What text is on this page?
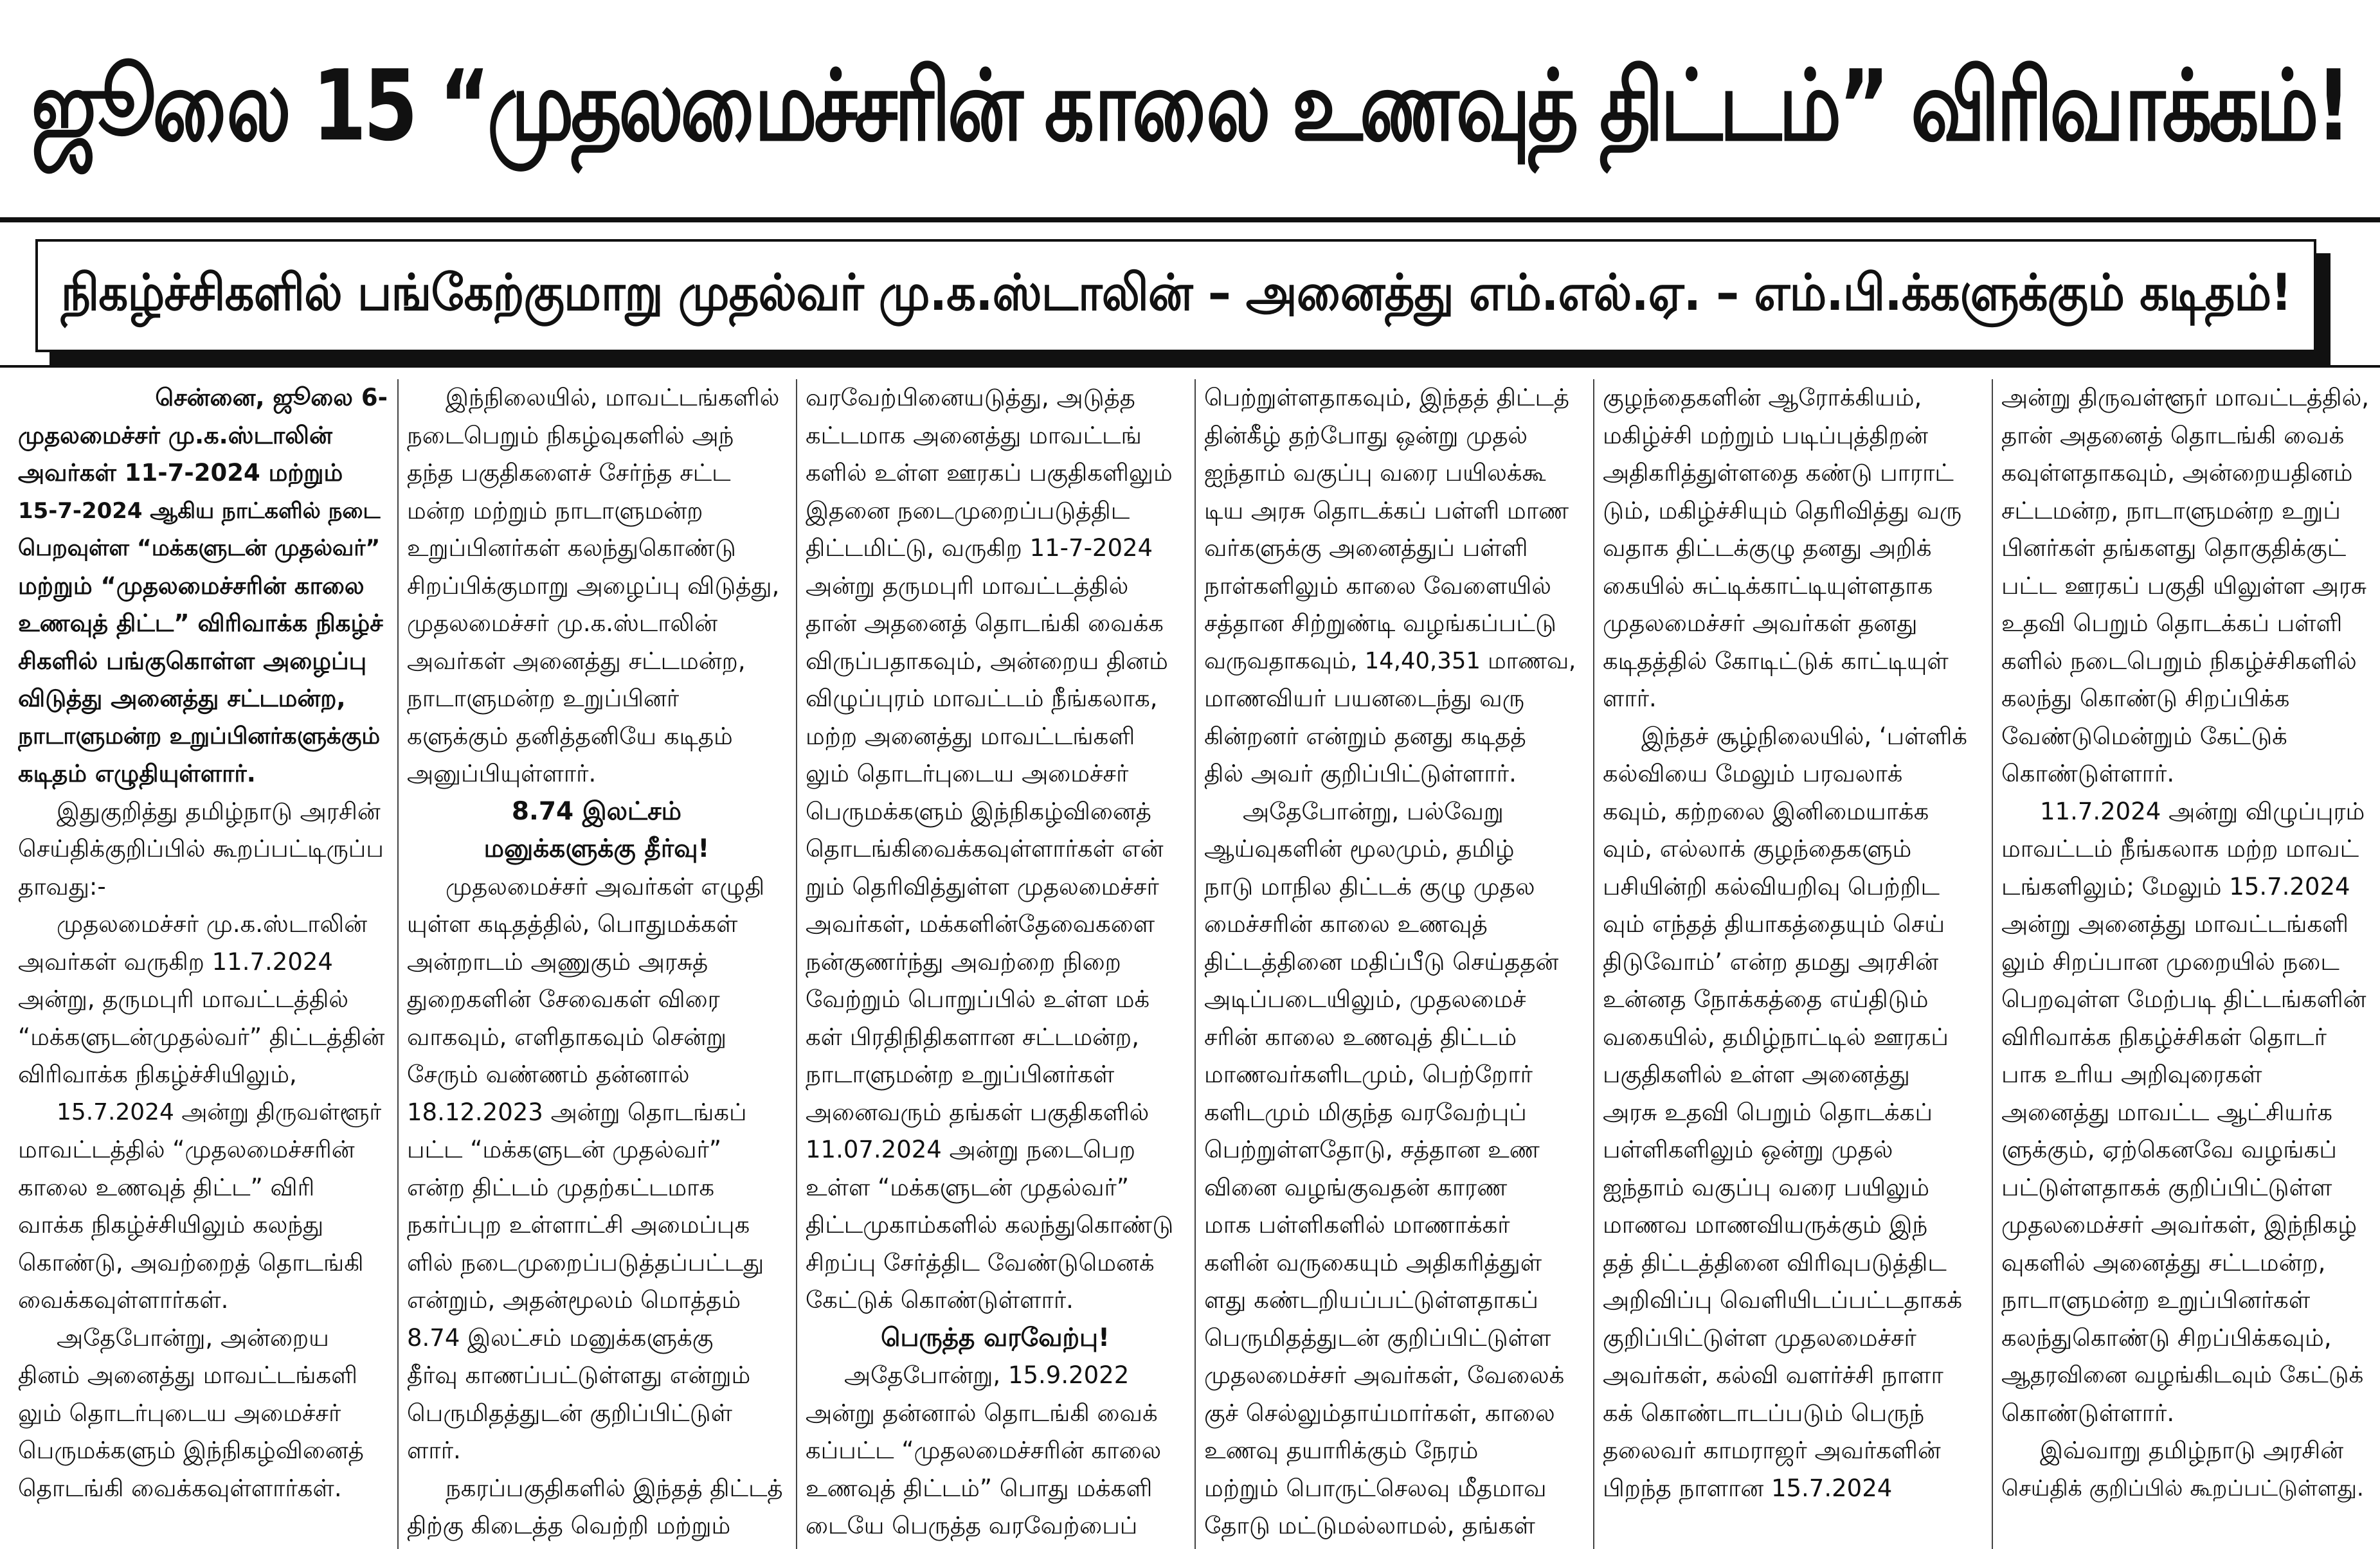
ஜூலை 15 “முதலமைச்சரின் காலை உணவுத் திட்டம்” விரிவாக்கம்!
நிகழ்ச்சிகளில் பங்கேற்குமாறு முதல்வர் மு.க.ஸ்டாலின் – அனைத்து எம்.எல்.ஏ. – எம்.பி.க்களுக்கும் கடிதம்!

சென்னை, ஜூலை 6-

முதலமைச்சர் மு.க.ஸ்டாலின்

அவர்கள் 11-7-2024 மற்றும்

15-7-2024 ஆகிய நாட்களில் நடை

பெறவுள்ள “மக்களுடன் முதல்வர்”

மற்றும் “முதலமைச்சரின் காலை

உணவுத் திட்ட” விரிவாக்க நிகழ்ச்

சிகளில் பங்குகொள்ள அழைப்பு

விடுத்து அனைத்து சட்டமன்ற,

நாடாளுமன்ற உறுப்பினர்களுக்கும்

கடிதம் எழுதியுள்ளார்.

இதுகுறித்து தமிழ்நாடு அரசின்

செய்திக்குறிப்பில் கூறப்பட்டிருப்ப

தாவது:-

முதலமைச்சர் மு.க.ஸ்டாலின்

அவர்கள் வருகிற 11.7.2024

அன்று, தருமபுரி மாவட்டத்தில்

“மக்களுடன்முதல்வர்” திட்டத்தின்

விரிவாக்க நிகழ்ச்சியிலும்,

15.7.2024 அன்று திருவள்ளூர்

மாவட்டத்தில் “முதலமைச்சரின்

காலை உணவுத் திட்ட” விரி

வாக்க நிகழ்ச்சியிலும் கலந்து

கொண்டு, அவற்றைத் தொடங்கி

வைக்கவுள்ளார்கள்.

அதேபோன்று, அன்றைய

தினம் அனைத்து மாவட்டங்களி

லும் தொடர்புடைய அமைச்சர்

பெருமக்களும் இந்நிகழ்வினைத்

தொடங்கி வைக்கவுள்ளார்கள்.

இந்நிலையில், மாவட்டங்களில்

நடைபெறும் நிகழ்வுகளில் அந்

தந்த பகுதிகளைச் சேர்ந்த சட்ட

மன்ற மற்றும் நாடாளுமன்ற

உறுப்பினர்கள் கலந்துகொண்டு

சிறப்பிக்குமாறு அழைப்பு விடுத்து,

முதலமைச்சர் மு.க.ஸ்டாலின்

அவர்கள் அனைத்து சட்டமன்ற,

நாடாளுமன்ற உறுப்பினர்

களுக்கும் தனித்தனியே கடிதம்

அனுப்பியுள்ளார்.

8.74 இலட்சம்

மனுக்களுக்கு தீர்வு!

முதலமைச்சர் அவர்கள் எழுதி

யுள்ள கடிதத்தில், பொதுமக்கள்

அன்றாடம் அணுகும் அரசுத்

துறைகளின் சேவைகள் விரை

வாகவும், எளிதாகவும் சென்று

சேரும் வண்ணம் தன்னால்

18.12.2023 அன்று தொடங்கப்

பட்ட “மக்களுடன் முதல்வர்”

என்ற திட்டம் முதற்கட்டமாக

நகர்ப்புற உள்ளாட்சி அமைப்புக

ளில் நடைமுறைப்படுத்தப்பட்டது

என்றும், அதன்மூலம் மொத்தம்

8.74 இலட்சம் மனுக்களுக்கு

தீர்வு காணப்பட்டுள்ளது என்றும்

பெருமிதத்துடன் குறிப்பிட்டுள்

ளார்.

நகரப்பகுதிகளில் இந்தத் திட்டத்

திற்கு கிடைத்த வெற்றி மற்றும்

வரவேற்பினையடுத்து, அடுத்த

கட்டமாக அனைத்து மாவட்டங்

களில் உள்ள ஊரகப் பகுதிகளிலும்

இதனை நடைமுறைப்படுத்திட

திட்டமிட்டு, வருகிற 11-7-2024

அன்று தருமபுரி மாவட்டத்தில்

தான் அதனைத் தொடங்கி வைக்க

விருப்பதாகவும், அன்றைய தினம்

விழுப்புரம் மாவட்டம் நீங்கலாக,

மற்ற அனைத்து மாவட்டங்களி

லும் தொடர்புடைய அமைச்சர்

பெருமக்களும் இந்நிகழ்வினைத்

தொடங்கிவைக்கவுள்ளார்கள் என்

றும் தெரிவித்துள்ள முதலமைச்சர்

அவர்கள், மக்களின்தேவைகளை

நன்குணர்ந்து அவற்றை நிறை

வேற்றும் பொறுப்பில் உள்ள மக்

கள் பிரதிநிதிகளான சட்டமன்ற,

நாடாளுமன்ற உறுப்பினர்கள்

அனைவரும் தங்கள் பகுதிகளில்

11.07.2024 அன்று நடைபெற

உள்ள “மக்களுடன் முதல்வர்”

திட்டமுகாம்களில் கலந்துகொண்டு

சிறப்பு சேர்த்திட வேண்டுமெனக்

கேட்டுக் கொண்டுள்ளார்.

பெருத்த வரவேற்பு!

அதேபோன்று, 15.9.2022

அன்று தன்னால் தொடங்கி வைக்

கப்பட்ட “முதலமைச்சரின் காலை

உணவுத் திட்டம்” பொது மக்களி

டையே பெருத்த வரவேற்பைப்

பெற்றுள்ளதாகவும், இந்தத் திட்டத்

தின்கீழ் தற்போது ஒன்று முதல்

ஐந்தாம் வகுப்பு வரை பயிலக்கூ

டிய அரசு தொடக்கப் பள்ளி மாண

வர்களுக்கு அனைத்துப் பள்ளி

நாள்களிலும் காலை வேளையில்

சத்தான சிற்றுண்டி வழங்கப்பட்டு

வருவதாகவும், 14,40,351 மாணவ,

மாணவியர் பயனடைந்து வரு

கின்றனர் என்றும் தனது கடிதத்

தில் அவர் குறிப்பிட்டுள்ளார்.

அதேபோன்று, பல்வேறு

ஆய்வுகளின் மூலமும், தமிழ்

நாடு மாநில திட்டக் குழு முதல

மைச்சரின் காலை உணவுத்

திட்டத்தினை மதிப்பீடு செய்ததன்

அடிப்படையிலும், முதலமைச்

சரின் காலை உணவுத் திட்டம்

மாணவர்களிடமும், பெற்றோர்

களிடமும் மிகுந்த வரவேற்புப்

பெற்றுள்ளதோடு, சத்தான உண

வினை வழங்குவதன் காரண

மாக பள்ளிகளில் மாணாக்கர்

களின் வருகையும் அதிகரித்துள்

ளது கண்டறியப்பட்டுள்ளதாகப்

பெருமிதத்துடன் குறிப்பிட்டுள்ள

முதலமைச்சர் அவர்கள், வேலைக்

குச் செல்லும்தாய்மார்கள், காலை

உணவு தயாரிக்கும் நேரம்

மற்றும் பொருட்செலவு மீதமாவ

தோடு மட்டுமல்லாமல், தங்கள்

குழந்தைகளின் ஆரோக்கியம்,

மகிழ்ச்சி மற்றும் படிப்புத்திறன்

அதிகரித்துள்ளதை கண்டு பாராட்

டும், மகிழ்ச்சியும் தெரிவித்து வரு

வதாக திட்டக்குழு தனது அறிக்

கையில் சுட்டிக்காட்டியுள்ளதாக

முதலமைச்சர் அவர்கள் தனது

கடிதத்தில் கோடிட்டுக் காட்டியுள்

ளார்.

இந்தச் சூழ்நிலையில், ‘பள்ளிக்

கல்வியை மேலும் பரவலாக்

கவும், கற்றலை இனிமையாக்க

வும், எல்லாக் குழந்தைகளும்

பசியின்றி கல்வியறிவு பெற்றிட

வும் எந்தத் தியாகத்தையும் செய்

திடுவோம்’ என்ற தமது அரசின்

உன்னத நோக்கத்தை எய்திடும்

வகையில், தமிழ்நாட்டில் ஊரகப்

பகுதிகளில் உள்ள அனைத்து

அரசு உதவி பெறும் தொடக்கப்

பள்ளிகளிலும் ஒன்று முதல்

ஐந்தாம் வகுப்பு வரை பயிலும்

மாணவ மாணவியருக்கும் இந்

தத் திட்டத்தினை விரிவுபடுத்திட

அறிவிப்பு வெளியிடப்பட்டதாகக்

குறிப்பிட்டுள்ள முதலமைச்சர்

அவர்கள், கல்வி வளர்ச்சி நாளா

கக் கொண்டாடப்படும் பெருந்

தலைவர் காமராஜர் அவர்களின்

பிறந்த நாளான 15.7.2024

அன்று திருவள்ளூர் மாவட்டத்தில்,

தான் அதனைத் தொடங்கி வைக்

கவுள்ளதாகவும், அன்றையதினம்

சட்டமன்ற, நாடாளுமன்ற உறுப்

பினர்கள் தங்களது தொகுதிக்குட்

பட்ட ஊரகப் பகுதி யிலுள்ள அரசு

உதவி பெறும் தொடக்கப் பள்ளி

களில் நடைபெறும் நிகழ்ச்சிகளில்

கலந்து கொண்டு சிறப்பிக்க

வேண்டுமென்றும் கேட்டுக்

கொண்டுள்ளார்.

11.7.2024 அன்று விழுப்புரம்

மாவட்டம் நீங்கலாக மற்ற மாவட்

டங்களிலும்; மேலும் 15.7.2024

அன்று அனைத்து மாவட்டங்களி

லும் சிறப்பான முறையில் நடை

பெறவுள்ள மேற்படி திட்டங்களின்

விரிவாக்க நிகழ்ச்சிகள் தொடர்

பாக உரிய அறிவுரைகள்

அனைத்து மாவட்ட ஆட்சியர்க

ளுக்கும், ஏற்கெனவே வழங்கப்

பட்டுள்ளதாகக் குறிப்பிட்டுள்ள

முதலமைச்சர் அவர்கள், இந்நிகழ்

வுகளில் அனைத்து சட்டமன்ற,

நாடாளுமன்ற உறுப்பினர்கள்

கலந்துகொண்டு சிறப்பிக்கவும்,

ஆதரவினை வழங்கிடவும் கேட்டுக்

கொண்டுள்ளார்.

இவ்வாறு தமிழ்நாடு அரசின்

செய்திக் குறிப்பில் கூறப்பட்டுள்ளது.
